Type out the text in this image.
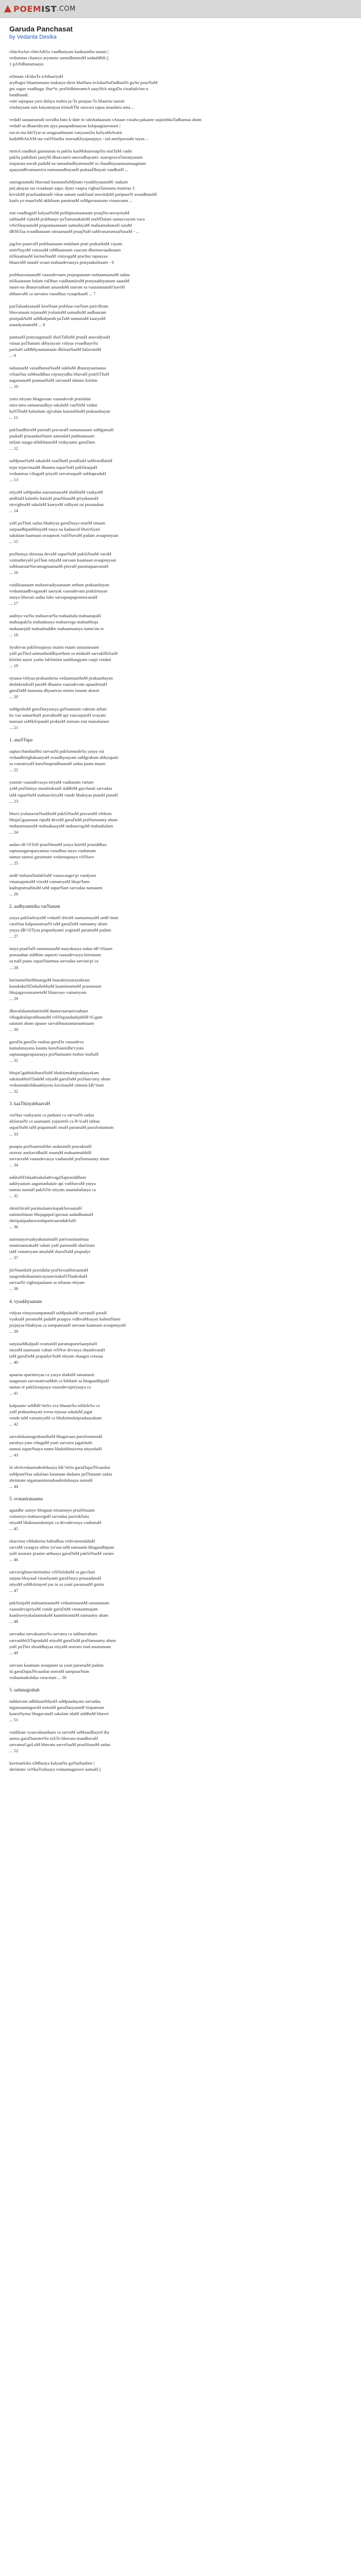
POEM IST .COM
Garuda Panchasat
by Vedanta Desika

chitrAnAm chitrAdiSu vaadhanyam kaakusutha tanam |
vedaantaa chaaryo aryanme sannidhatutaM sadaahRdi ||
1 pANdhanamaaya

srImaan vEnkaTa nAthaaryaH
aryRagni bhaamunano makaiya shrot khaNara mAdaaNaDadhaaNi guNa puurNaM
gni sagae vaadhaga: Bur*u: praNidhimrantrA saayShA nirgaDa visathabAm-u
bandhaadi:
vaiti sajaapaa yaro dalaya mahra ja-Ta praajaa-Ta bhaarou taarati
vindatyaam tam kaiyantayaa trimuliThi suuvara tapaa anaadaru ama ...

vedaH sanaamaradi suvidha bato k-date in rakshadaanani sAnaan vasaha pakaane uujarabkaTadhantaa aham
vedaH sa dhaaridiyam ajya paaapadmaayaa kalajaagiaavatam |
raa-m ma khiTyar-ai uragasadinaam vanyaaniSu kaSyabhAvatii
kadaMbAnAM taa vaiSNaatha suuraaKhyajanajaya - tad anuSpavaahi tayaa ...

nirmA saadhuti gaaraunaa tu pakSa kaaMshaavaapiSu maiTaM caahi
pakSa pathihoti janiyM dhaavaarii-anuvadhayanti- suurapravaTamatyanam
nisparata navah padaM na tamaabadhyatnanaM ni chaadhayaanasamaagatam
ajaayaadhvamaaniva namaanadhayaaH prakaaDhayati vaadhaiH ...

suuragraanahi bhavaad kuutanaSaMjitam vyaakhyaaanaM: taakam
puLakayaa taa svaadaate aapa; dyuti vaapra vighaaTamaana mantraa 3
kevalaM praaSaadamaH vikas aanam saakSaad aravindaM paripuurN avaadhanaM
kaala yo maarSaM akhilaam paratraaM saMgavaanaam vinaavaam ...

etat vaadhagaH kalyaaNiiM puShpitamaanaam praajNa-anvayinaM
sabhaaM vijitaM prabhaaye paTumanukalaM maNDalam samuccayam vaca
viSeShayaanaM prapannaanaam samudayaM mahaanudaaraH sutaM
dRShTaa svaadhanaam ratnaanaaM praajNaH saMvatsaramaaNasaM - ...

jagAm puurvaH prabhaanaam mukham prati prakashaM vayam
aniirNayaM vairasaM raMhaanaam vaacam dharmavaadinaam
niSkaamaaM karmaNaaM viniyogaM prachur tapasyaa
bhaavaM tataaH svaan mahaadevaasya pratyaakalitaam - 6

prabhaavataanaM vaasudevaam prajaapataam mahaamaanaM sadaa
niSkaanaam balam vaDhan vaidhamiiraM pratyaakhyaatam saataM
naam-na dhanavaaham aasaadaM saaram sa vaasaanaataH kaviH
abhaavaM ca sarvatra vasudhaa vyaapikaaH ... 7

paaTalaadyaasaH kiraNaan prabhaa-varNam parivRtam
bhuvanaam tejasaaM jvalantaM samudraM aadhaaram
pratipakSaM saMkalpatah paTaM samastaM kaaryaM
anaadyanantaM ... 8

jaamaaH pratyaagataaH shaSTaHaM pruuH anavadyaaH
viinaa paThanam abhyasyate vidyaa svaadhayeSu
paritaH saMkhyaataanaam dhiiraaNaaM balavataM
... 9

tadaasaaM vasudharaaNaaM sukhaM dhaarayaamaasa
viSaaNaa saMnaddhaa vajraayudha bhavaH pratiSThaH
aagamanaM pramaaNaM sarvataH dattam kiirtim
... 10

yatra nityam bhagavaan vaasudevah prasiidati
tatra tatra samaaraadhya sakalaM vaaNiiM vadati
kaNThaM kalasham ujjvalam kaustubhaM prakaashayan
... 11

pakSaadhiiraM paritaH pravaraH sumanasaam saMgamaH
paakaH prasaadaaNaam aamodaH padmaanaam
niilam naaga-abhibhuutaM vedayaami garuDam
... 12

saMpuurNaM sakalaM vaaDhaH prasRtaH saMvardhitaH
tejas tejasvinaaM dhaama suparNaH pakSiraajaH
vedaatmaa vihagaH priyaH sarvaruupaH sukhapradaH
... 13

nityaM saMpadaa saaraatsaaraM shubhaM vaakyaM
amRtaH kalasho hastaH praaNinaaM priyakaaraH
nirvighnaM sakalaM kaaryaM sidhyati tat prasaadaat
... 14

yaH paThati sadaa bhaktyaa garuDasya stutiM imaam
sarpaadhipatibhayaM tasya na kadaacid bhaviSyati
sakalaan kaamaan avaapnoti vaiSNavaM padam avaapnuyaat
... 15

praNamya shirasaa devaM suparNaM pakSiNaaM varaM
vaimatheyaH paThan nityaM sarvaan kaamaan avaapnuyaat
saMsaaraarNavamagnaanaaM plavaH paramapaavanaH
... 16

vaidikaanaam mahaavaakyaanaam artham prakaashayan
vedaantaadhvaganaH samyak vaasudevam prakiirtayan
stutyo bhavati sadaa loke sarvapaapapramocanaH
... 17

aaditya varNa mahaavarNa mahaabala mahaatapaH
mahaapakSa mahaakaaya mahaavega mahaabhuja
mahaatejaH mahaabuddhe mahaamaanya namo'stu te
... 18

ityuktvaa pakSiraajasya stutim etaam sanaatanaam
yaH paThed aatmashuddhyartham sa muktaH sarvakilbiSaiH
kiirtim aayur yasho lakSmiim saubhaagyam caapi vindati
... 19

nyaasa-vidyaa-prakaashena vedaantaarthaM prakaashayan
deshikendraH paraM dhaama vaasudevam upaashritaH
garuDaM manasaa dhyaatvaa stutim imaam akarot
... 20

saMgrahaM garuDasyaasya guNaanaam vaktum arhati
ko vaa samarthaH pravaktuM api vaacaspatiH svayam
tasmaat saMkSepataH proktaM stotram etat manoharam
... 21

1. anuSTupa

saptacchandaaMsi sarvaaNi pakSamuuleSu yasya vai
vedaadhiirghakaaryaH svaadhyaayam saMgraham abhyupaiti
sa vainateyaH karuNaapradhaanaH sadaa paatu maam
... 22

yasmin vaasudevasya nityaM vaahanam vartate
yaM praNamya muniindraaH siddhiM gacchanti sarvadaa
taM suparNaM mahaaviiryaM vande bhaktyaa punaH punaH
... 23

bhuvi jvalanavarNaabhaM pakSiNaaM pravaraM vibhum
bhujaGgaanaam ripuM devaM garuDaM praNamaamy aham
mahaatmaanaM mahaakaayaM mahaavegaM mahaabalam
... 24

aadau sR^iSTeH praaNinaaM yasya kiirtiH prasiddhaa
saptasaagaraparyantaa vasudhaa tasya vaahanam
namas tasmai garutmate vedaruupaaya viSNave
... 25

amR^itaharaNadakSaM vaasavaagre'pi vandyam
vinataaputraM viiraM vainateyaM bhaje'ham
kadruputraahitaM taM suparNam sarvadaa namaami
... 26

2. aadhyaatmika varNanam

yasya pakSadvayaM vedaaH shiraH saamamayaM smR^itam
caraNau kalpasuutraaNi taM garuDaM namaamy aham
yasya dR^iSTyaa prapashyanti yoginaH paramaM padam
... 27

tasya praaNaH sumanasaaM naayakasya sadaa nR^iNaam
prasaadaat siddhim aapnoti vaasudevasya kiirtanam
sa naH paatu suparNaatmaa sarvadaa sarvato'pi ca
... 28

haritamaNinibhaangaM haarakeyuurayuktam
kanakakuNDalashobhaM kaantimantaM prasannam
bhujagavarasametaM bhaavaye vainateyam
... 29

dhavalakamalanetraM daanavaaraativaaham
vihagakulapradhaanaM viSNupaadaabjabhR^iGgam
satatam aham upaase sarvabhuutaantaraatmaam
... 30

garuDa garuDa vaahaa garuDa vaasudeva
kamalanayana kaanta karuNaanidhe'cyuta
saptasaagarapaaraaya praNamaami muhur muhuH
... 31

bhujaGgabhiitiharaNaM bhuktimuktipradaayakam
sakalaabhiiSTadaM nityaM garuDaM praNato'smy aham
vedaantadeshikaakhyena kaviinaaM ratnena kR^itam
... 32

3. kaaThinyabhaavaH

varNaa vaakyaani ca padaani ca sarvaaNi sadaa
akSaraaNi ca saamaani yajuumSi ca R^icaH tathaa
suparNaM taM prapannaH smaH paramaM puruSottamam
... 33

praapta praNaaminibhir aadarataH prayuktaiH
stotrair anekavidhaiH stuutaM mahaatmabhiH
sarvasvaM vaasudevasya vaahanaM praNamaamy aham
... 34

aakhaNDalaadisakaladevagaNaprasiddham
aakhyaatam aagamashatair api vaibhavaM yasya
tasmai namaH pakSiNe nityam anantabalaaya ca
... 35

shrutiSiraH parimalaanvitapakSavaataiH
sammohitaan bhujagapuGgavaan aadadhaanaH
shriipatipadaravindaparicaaradakSaH
... 36

aamnaayavaakyakusumaiH parivaasitaatmaa
mantraatmakaM vahati yaH paramaM shariiram
taM vainateyam amalaM sharaNaM prapadye
... 37

jiirNaanilaH pravidalat praNavaabhiraamaH
naagendrahaaranicayaanvitakaNThadeshaH
sarvaaNi vighnajaalaani sa nihantu nityam
... 38

4. vyaakhyaanam

vidyaa vinayasampannaH saMpadaaM sarvataH paraH
vyaktaH paramaM padaM praapya vidhvaMsayati kalmaSham
prajnyaa bhaktyaa ca sampannaaH sarvaan kaamaan avaapnuyuH
... 39

satyasaMkalpaH svamatiH paramapuruSaarpitaH
nityaM naamaani vahati viSNor devasya shaashvataH
taM garuDaM prapadye'haM nityam ekaagra cetasaa
... 40

apaaraa aparimeyaa ca yasya shaktiH sanaatanii
saagaraan sarvasattvaaMsh ca bibharti sa khagaadhipaH
namas te pakSiraajaaya vaasudevapriyaaya ca
... 41

kalpaante saMhR^iteSv eva bhuuteSu nikhileSu ca
yaH prakaashayati svena tejasaa sakalaM jagat
vande taM vainateyaM ca bhuktimuktipradaayakam
... 42

sarvalokaanugrahaarthaM bhagavaan puruSottamaH
aaruhya yam vihagaM yaati sarvatra jagatiitale
tasmai suparNaaya namo bhaktibhaavena nityashaH
... 43

iti shriivedaantadeshikasya kR^itiSu garuDapaJNcaashat
saMpuurNaa sakalaan kaamaan dadaatu paThataam sadaa
shriimate nigamaantamahaadeshikaaya namaH
... 44

5. svatantranaama

agaadhe sainye bhogaan niraamaye praaNinaam
vainateyo mahaavegaH sarvadaa parirakSatu
nityaM bhaktaanukampii ca devadevasya vaahanaH
... 45

ekatvena vibhaktena bahudhaa vishvatomukhaH
sarvaM vyaapya sthito yo'sau taM namaami khagaadhipam
yaH smaraet praatar utthaaya garuDaM pakSiNaaM varam
... 46

sarvavighnavinirmukto viSNulokaM sa gacchati
sarpaa bhayaad vinashyanti garuDasya prasaadataH
nityaM saMkiirtayed yas tu sa yaati paramaaM gatim
... 47

pakSirajaM mahaatmaanaM vedaatmaanaM sanaatanam
vaasudevapriyaM vande garuDaM vinataatmajam
kaadraveyakulaantakaM kaantimantaM namaamy aham
... 48

sarvadaa sarvakaaryeSu sarvatra ca sukhaavaham
sarvaabhiiSTapradaM nityaM garuDaM praNamaamy aham
yaH paThet shraddhayaa nityaM stotram etad anuttamam
... 49

sarvaan kaamaan avaapnoti sa yaati paramaM padam
iti garuDapaJNcaashat stotraM sampuurNam
vedaantadeshika viracitam ... 50

5. sadanugrahah

taddaivam adhikaaribhyaH saMpaadayatu sarvadaa
nigamaantaguroH stotraM garuDasyaamR^itopamam
kaaruNyena bhagavataH sakalam idaM siddhaM bhavet
... 51

vaidikam vyaavahaarikam ca sarvaM saMsaadhayed iha
anena garuDastotreNa tuSTo bhavatu maadhavaH
sarvamaGgaLaM bhavatu sarveSaaM praaNinaaM sadaa
... 52

kavitaarkika siMhaaya kalyaaNa guNashaaline |
shriimate veNkaTeshaaya vedaantaguruve namaH ||
